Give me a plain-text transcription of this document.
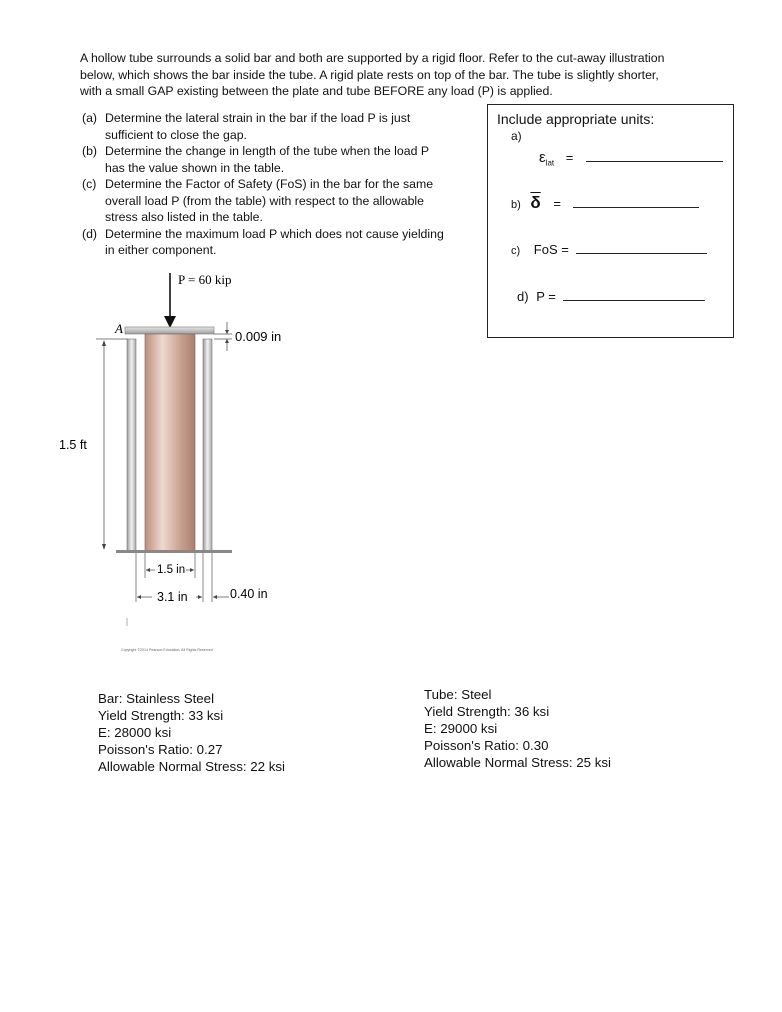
A hollow tube surrounds a solid bar and both are supported by a rigid floor. Refer to the cut-away illustration

below, which shows the bar inside the tube. A rigid plate rests on top of the bar. The tube is slightly shorter,

with a small GAP existing between the plate and tube BEFORE any load (P) is applied.

(a) Determine the lateral strain in the bar if the load P is just
sufficient to close the gap.
(b) Determine the change in length of the tube when the load P
has the value shown in the table.
(c) Determine the Factor of Safety (FoS) in the bar for the same
overall load P (from the table) with respect to the allowable
stress also listed in the table.
(d) Determine the maximum load P which does not cause yielding
in either component.
Include appropriate units:
a)
$\varepsilon_{lat}$ =
b) $\overline{\delta}$ =
c) FoS =
d) P =
P = 60 kip
A
0.009 in
1.5 ft
1.5 in
3.1 in	0.40 in
Copyright ©2014 Pearson Education, All Rights Reserved
Bar: Stainless Steel
Yield Strength: 33 ksi
E: 28000 ksi
Poisson's Ratio: 0.27
Allowable Normal Stress: 22 ksi
Tube: Steel
Yield Strength: 36 ksi
E: 29000 ksi
Poisson's Ratio: 0.30
Allowable Normal Stress: 25 ksi
